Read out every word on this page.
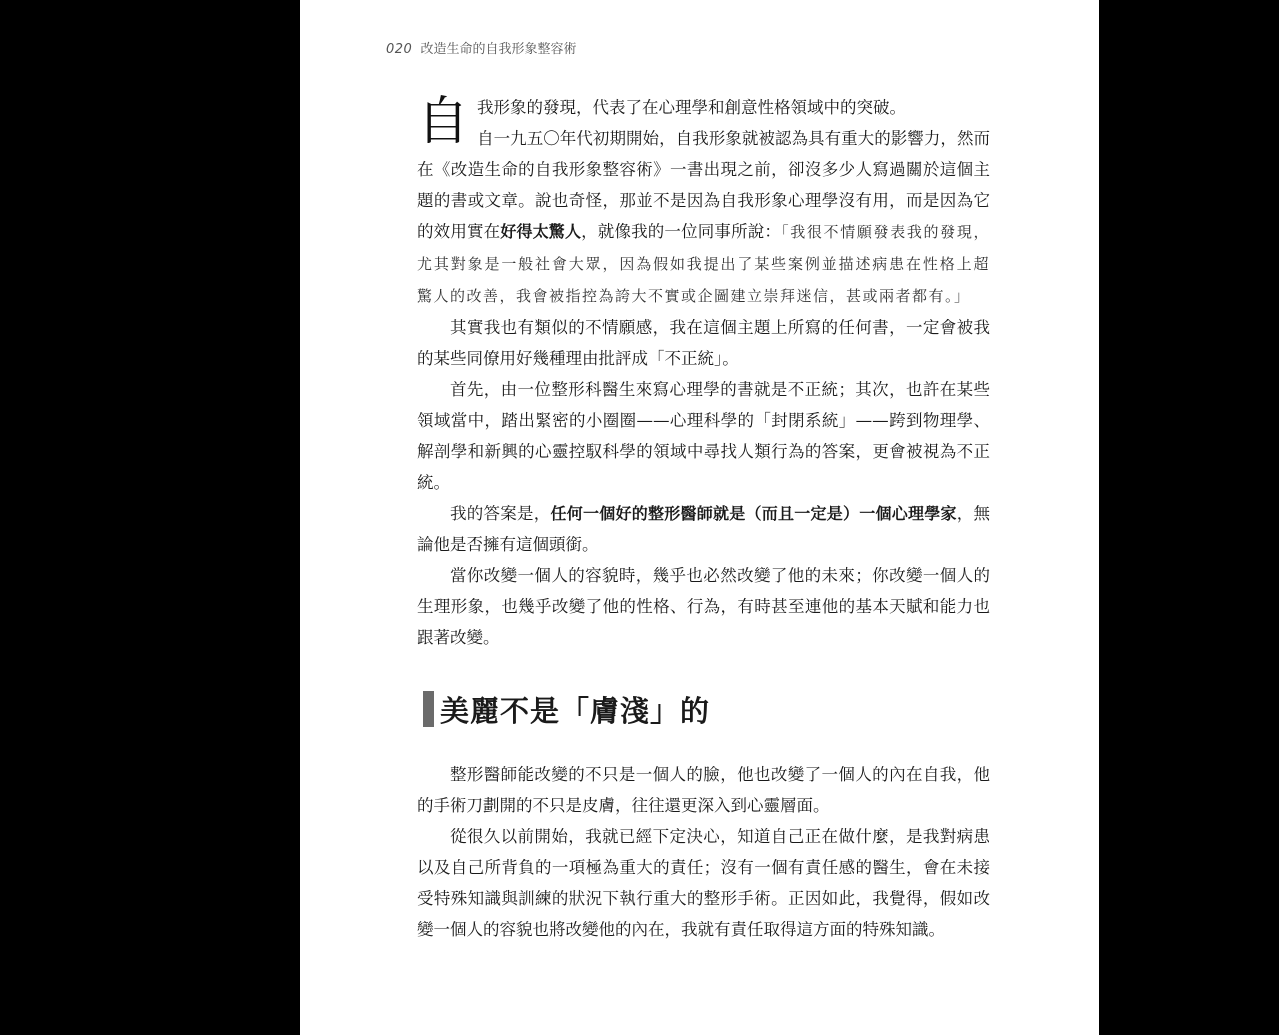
020 改造生命的自我形象整容術

自我形象的發現，代表了在心理學和創意性格領域中的突破。
自一九五〇年代初期開始，自我形象就被認為具有重大的影響力，然而在《改造生命的自我形象整容術》一書出現之前，卻沒多少人寫過關於這個主題的書或文章。說也奇怪，那並不是因為自我形象心理學沒有用，而是因為它的效用實在好得太驚人，就像我的一位同事所說：「我很不情願發表我的發現，尤其對象是一般社會大眾，因為假如我提出了某些案例並描述病患在性格上超驚人的改善，我會被指控為誇大不實或企圖建立崇拜迷信，甚或兩者都有。」

其實我也有類似的不情願感，我在這個主題上所寫的任何書，一定會被我的某些同僚用好幾種理由批評成「不正統」。

首先，由一位整形科醫生來寫心理學的書就是不正統；其次，也許在某些領域當中，踏出緊密的小圈圈——心理科學的「封閉系統」——跨到物理學、解剖學和新興的心靈控馭科學的領域中尋找人類行為的答案，更會被視為不正統。

我的答案是，任何一個好的整形醫師就是（而且一定是）一個心理學家，無論他是否擁有這個頭銜。

當你改變一個人的容貌時，幾乎也必然改變了他的未來；你改變一個人的生理形象，也幾乎改變了他的性格、行為，有時甚至連他的基本天賦和能力也跟著改變。

美麗不是「膚淺」的

整形醫師能改變的不只是一個人的臉，他也改變了一個人的內在自我，他的手術刀劃開的不只是皮膚，往往還更深入到心靈層面。

從很久以前開始，我就已經下定決心，知道自己正在做什麼，是我對病患以及自己所背負的一項極為重大的責任；沒有一個有責任感的醫生，會在未接受特殊知識與訓練的狀況下執行重大的整形手術。正因如此，我覺得，假如改變一個人的容貌也將改變他的內在，我就有責任取得這方面的特殊知識。
